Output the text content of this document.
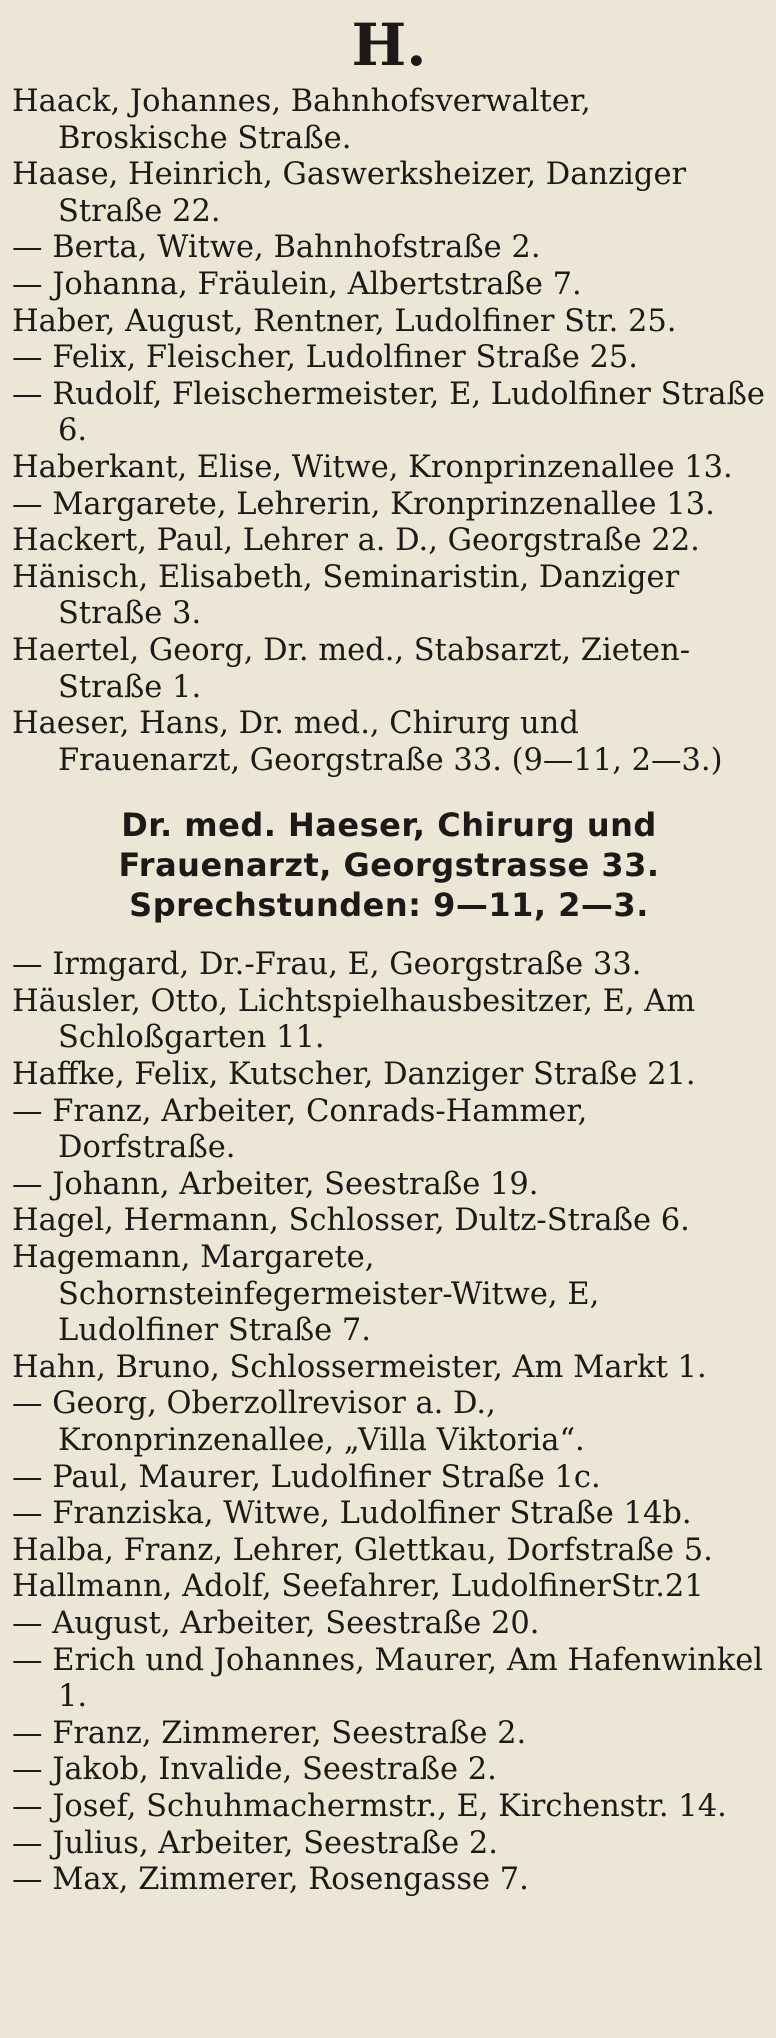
H.
Haack, Johannes, Bahnhofsverwalter, Broskische Straße.
Haase, Heinrich, Gaswerksheizer, Danziger Straße 22.
— Berta, Witwe, Bahnhofstraße 2.
— Johanna, Fräulein, Albertstraße 7.
Haber, August, Rentner, Ludolfiner Str. 25.
— Felix, Fleischer, Ludolfiner Straße 25.
— Rudolf, Fleischermeister, E, Ludolfiner Straße 6.
Haberkant, Elise, Witwe, Kronprinzenallee 13.
— Margarete, Lehrerin, Kronprinzenallee 13.
Hackert, Paul, Lehrer a. D., Georgstraße 22.
Hänisch, Elisabeth, Seminaristin, Danziger Straße 3.
Haertel, Georg, Dr. med., Stabsarzt, Zieten-Straße 1.
Haeser, Hans, Dr. med., Chirurg und Frauenarzt, Georgstraße 33. (9—11, 2—3.)
Dr. med. Haeser, Chirurg und
Frauenarzt, Georgstrasse 33.
Sprechstunden: 9—11, 2—3.
— Irmgard, Dr.-Frau, E, Georgstraße 33.
Häusler, Otto, Lichtspielhausbesitzer, E, Am Schloßgarten 11.
Haffke, Felix, Kutscher, Danziger Straße 21.
— Franz, Arbeiter, Conrads-Hammer, Dorfstraße.
— Johann, Arbeiter, Seestraße 19.
Hagel, Hermann, Schlosser, Dultz-Straße 6.
Hagemann, Margarete, Schornsteinfegermeister-Witwe, E, Ludolfiner Straße 7.
Hahn, Bruno, Schlossermeister, Am Markt 1.
— Georg, Oberzollrevisor a. D., Kronprinzenallee, „Villa Viktoria“.
— Paul, Maurer, Ludolfiner Straße 1c.
— Franziska, Witwe, Ludolfiner Straße 14b.
Halba, Franz, Lehrer, Glettkau, Dorfstraße 5.
Hallmann, Adolf, Seefahrer, LudolfinerStr.21
— August, Arbeiter, Seestraße 20.
— Erich und Johannes, Maurer, Am Hafenwinkel 1.
— Franz, Zimmerer, Seestraße 2.
— Jakob, Invalide, Seestraße 2.
— Josef, Schuhmachermstr., E, Kirchenstr. 14.
— Julius, Arbeiter, Seestraße 2.
— Max, Zimmerer, Rosengasse 7.
